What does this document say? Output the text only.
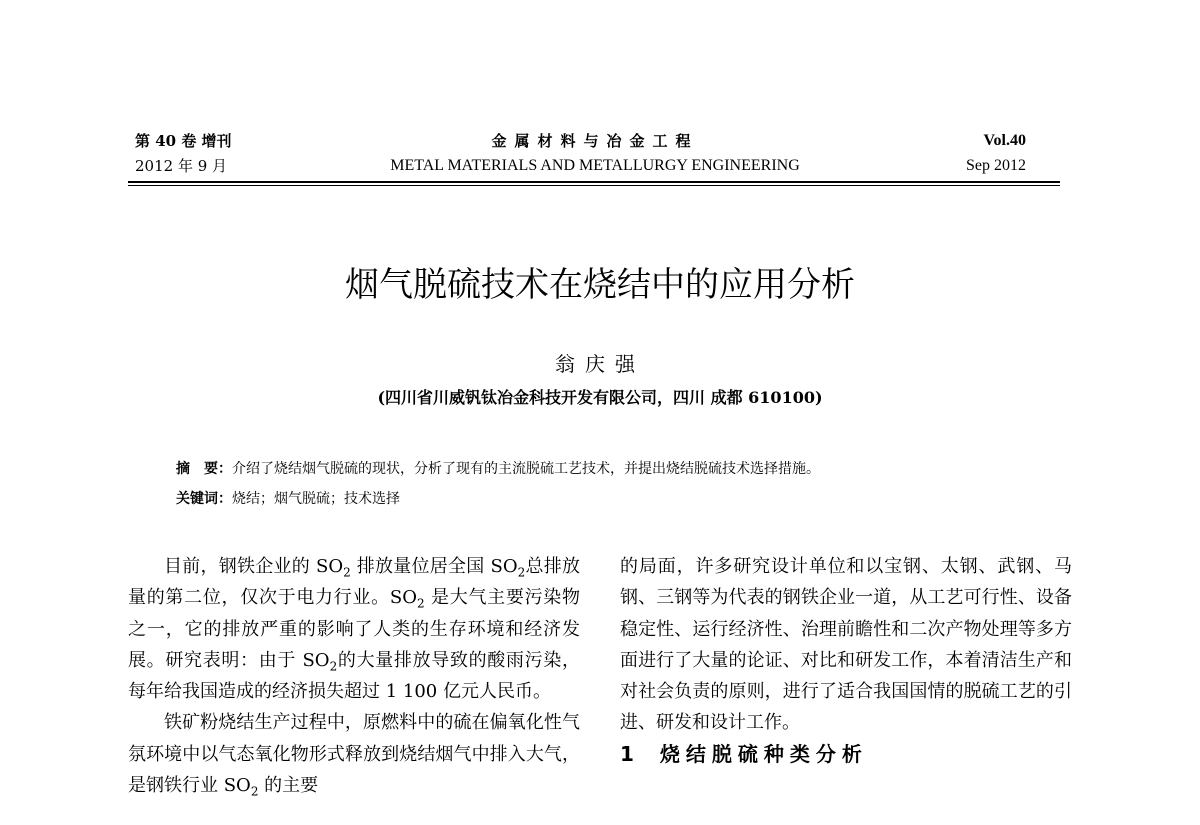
第 40 卷 增刊
2012 年 9 月
金属材料与冶金工程
METAL MATERIALS AND METALLURGY ENGINEERING
Vol.40
Sep 2012
烟气脱硫技术在烧结中的应用分析
翁庆强
(四川省川威钒钛冶金科技开发有限公司，四川 成都 610100)
摘　要：介绍了烧结烟气脱硫的现状，分析了现有的主流脱硫工艺技术，并提出烧结脱硫技术选择措施。
关键词：烧结；烟气脱硫；技术选择

目前，钢铁企业的 $SO_2$ 排放量位居全国 $SO_2$总排放量的第二位，仅次于电力行业。$SO_2$ 是大气主要污染物之一，它的排放严重的影响了人类的生存环境和经济发展。研究表明：由于 $SO_2$的大量排放导致的酸雨污染，每年给我国造成的经济损失超过 1 100 亿元人民币。

铁矿粉烧结生产过程中，原燃料中的硫在偏氧化性气氛环境中以气态氧化物形式释放到烧结烟气中排入大气，是钢铁行业 $SO_2$ 的主要

的局面，许多研究设计单位和以宝钢、太钢、武钢、马钢、三钢等为代表的钢铁企业一道，从工艺可行性、设备稳定性、运行经济性、治理前瞻性和二次产物处理等多方面进行了大量的论证、对比和研发工作，本着清洁生产和对社会负责的原则，进行了适合我国国情的脱硫工艺的引进、研发和设计工作。

1 烧结脱硫种类分析
